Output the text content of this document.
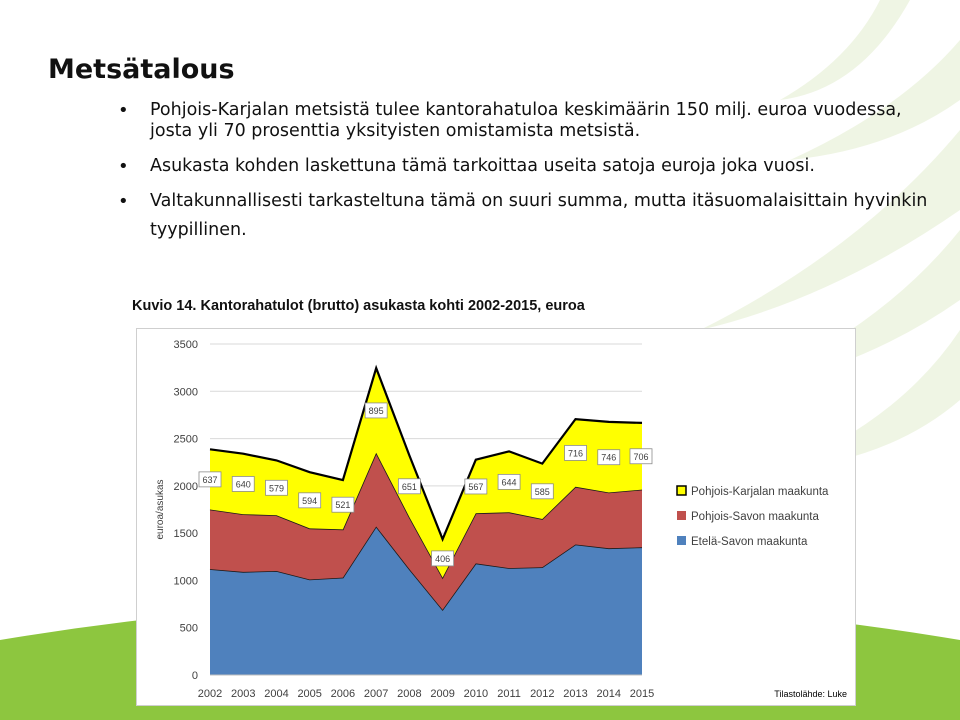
Metsätalous
• Pohjois-Karjalan metsistä tulee kantorahatuloa keskimäärin 150 milj. euroa vuodessa, josta yli 70 prosenttia yksityisten omistamista metsistä.
• Asukasta kohden laskettuna tämä tarkoittaa useita satoja euroja joka vuosi.
• Valtakunnallisesti tarkasteltuna tämä on suuri summa, mutta itäsuomalaisittain hyvinkin tyypillinen.
Kuvio 14. Kantorahatulot (brutto) asukasta kohti 2002-2015, euroa
0
500
1000
1500
2000
2500
3000
3500
2002 2003 2004 2005 2006 2007 2008 2009 2010 2011 2012 2013 2014 2015
euroa/asukas	637 640 579
594 521
895
651
406
567 644
585
716 746 706
Pohjois-Karjalan maakunta
Pohjois-Savon maakunta
Etelä-Savon maakunta
Tilastolähde: Luke
